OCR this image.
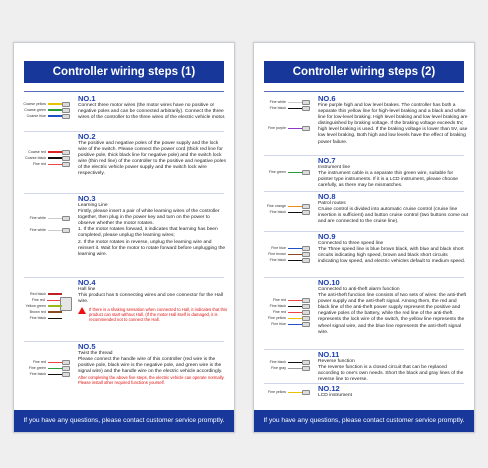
Controller wiring steps (1)
Coarse yellow
Coarse green
Coarse blue
NO.1
Connect three motor wires (the motor wires have no positive or negative poles and can be connected arbitrarily). Connect the three wires of the controller to the three wires of the electric vehicle motor.
Coarse red
Coarse black
Fine red
NO.2
The positive and negative poles of the power supply and the lock wire of the switch. Please connect the power cord (thick red line for positive pole, thick black line for negative pole) and the switch lock wire (thin red line) of the controller to the positive and negative poles of the electric vehicle power supply and the switch lock wire respectively.
Fine white
Fine white
NO.3
Learning Line
Firstly, please insert a pair of white learning wires of the controller together, then plug in the power key and turn on the power to observe whether the motor rotates.
1. If the motor rotates forward, it indicates that learning has been completed, please unplug the learning wires;
2. If the motor rotates in reverse, unplug the learning wire and reinsert it. Wait for the motor to rotate forward before unplugging the learning wire.
Red black
Fine red
Yellow green
Brown red
Fine black
NO.4
Hall line
This product has 5 connecting wires and one connector for the Hall wire.
If there is a shaking sensation when connected to Hall, it indicates that this product can start without Hall. (If the motor Hall itself is damaged, it is recommended not to connect the Hall.
Fine red
Fine green
Fine black
NO.5
Twist the thread
Please connect the handle wire of this controller (red wire is the positive pole, black wire is the negative pole, and green wire is the signal wire) and the handle wire on the electric vehicle accordingly.
After completing the above five steps, the electric vehicle can operate normally.
Please install other required functions yourself.
If you have any questions, please contact customer service promptly.
Controller wiring steps (2)
Fine white
Fine black
Fine purple
NO.6
Fine purple high and low level brakes. The controller has both a separate thin yellow line for high-level braking and a black and white line for low-level braking. High level braking and low level braking are distinguished by braking voltage. If the braking voltage exceeds 5V, high level braking is used. If the braking voltage is lower than 5V, use low level braking. Both high and low levels have the effect of braking power failure.
Fine green
NO.7
Instrument line
The instrument cable is a separate thin green wire, suitable for pointer type instruments. If it is a LCD instrument, please choose carefully, as there may be mismatches.
Fine orange
Fine black
NO.8
Patrol routes
Cruise control is divided into automatic cruise control (cruise line insertion is sufficient) and button cruise control (two buttons come out and are connected to the cruise line).
Fine blue
Fine brown
Fine black
NO.9
Connected to three speed line
The Three speed line is blue brown black, with blue and black short circuits indicating high speed, brown and black short circuits indicating low speed, and electric vehicles default to medium speed.
Fine red
Fine black
Fine red
Fine yellow
Fine blue
NO.10
Connected to anti-theft alarm function
The anti-theft function line consists of two sets of wires: the anti-theft power supply and the anti-theft signal. Among them, the red and black line of the anti-theft power supply represent the positive and negative poles of the battery, while the red line of the anti-theft represents the lock wire of the switch, the yellow line represents the wheel signal wire, and the blue line represents the anti-theft signal wire.
Fine black
Fine gray
NO.11
Reverse function
The reverse function is a closed circuit that can be replaced according to one's own needs. Short the black and gray lines of the reverse line to reverse.
Fine yellow	NO.12
LCD instrument
If you have any questions, please contact customer service promptly.
